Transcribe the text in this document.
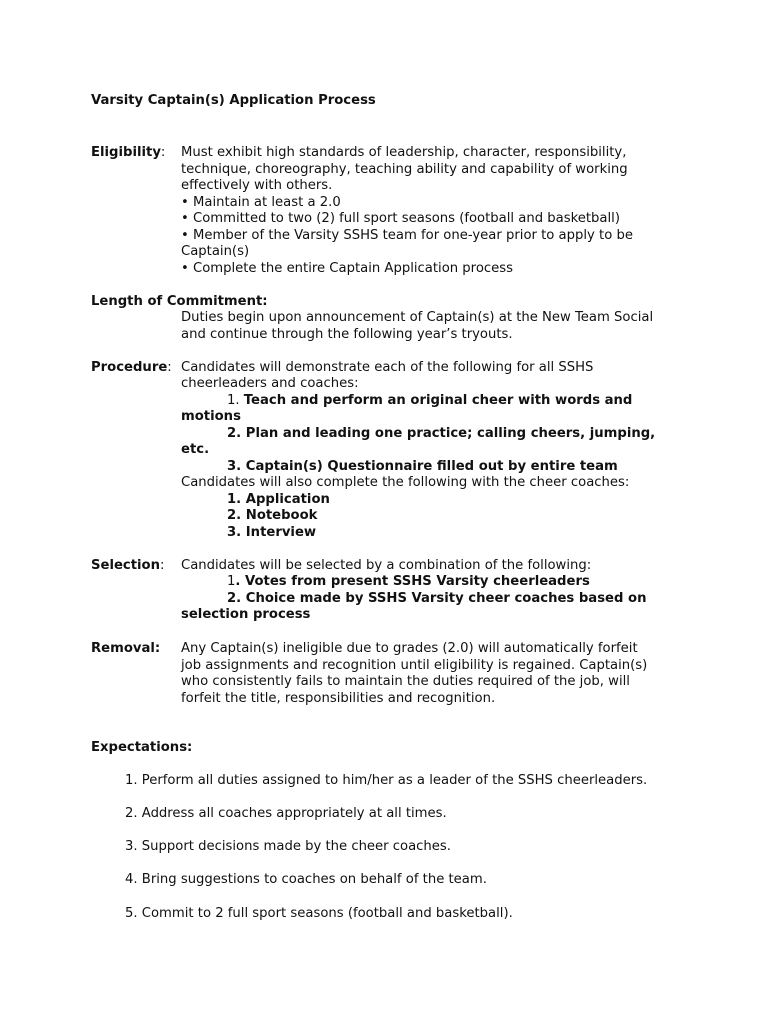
Varsity Captain(s) Application Process
Eligibility: Must exhibit high standards of leadership, character, responsibility,
technique, choreography, teaching ability and capability of working
effectively with others.
• Maintain at least a 2.0
• Committed to two (2) full sport seasons (football and basketball)
• Member of the Varsity SSHS team for one-year prior to apply to be
Captain(s)
• Complete the entire Captain Application process
Length of Commitment:
Duties begin upon announcement of Captain(s) at the New Team Social
and continue through the following year’s tryouts.
Procedure: Candidates will demonstrate each of the following for all SSHS
cheerleaders and coaches:
1. Teach and perform an original cheer with words and
motions
2. Plan and leading one practice; calling cheers, jumping,
etc.
3. Captain(s) Questionnaire filled out by entire team
Candidates will also complete the following with the cheer coaches:
1. Application
2. Notebook
3. Interview
Selection: Candidates will be selected by a combination of the following:
1. Votes from present SSHS Varsity cheerleaders
2. Choice made by SSHS Varsity cheer coaches based on
selection process
Removal: Any Captain(s) ineligible due to grades (2.0) will automatically forfeit
job assignments and recognition until eligibility is regained. Captain(s)
who consistently fails to maintain the duties required of the job, will
forfeit the title, responsibilities and recognition.
Expectations:
1. Perform all duties assigned to him/her as a leader of the SSHS cheerleaders.
2. Address all coaches appropriately at all times.
3. Support decisions made by the cheer coaches.
4. Bring suggestions to coaches on behalf of the team.
5. Commit to 2 full sport seasons (football and basketball).
